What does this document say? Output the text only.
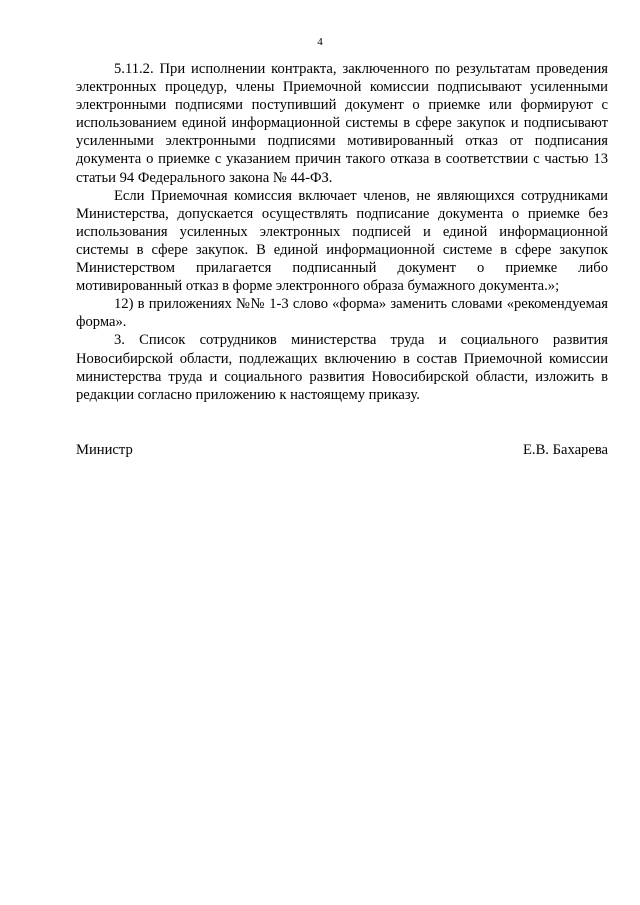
4

5.11.2. При исполнении контракта, заключенного по результатам проведения электронных процедур, члены Приемочной комиссии подписывают усиленными электронными подписями поступивший документ о приемке или формируют с использованием единой информационной системы в сфере закупок и подписывают усиленными электронными подписями мотивированный отказ от подписания документа о приемке с указанием причин такого отказа в соответствии с частью 13 статьи 94 Федерального закона № 44-ФЗ.

Если Приемочная комиссия включает членов, не являющихся сотрудниками Министерства, допускается осуществлять подписание документа о приемке без использования усиленных электронных подписей и единой информационной системы в сфере закупок. В единой информационной системе в сфере закупок Министерством прилагается подписанный документ о приемке либо мотивированный отказ в форме электронного образа бумажного документа.»;

12) в приложениях №№ 1-3 слово «форма» заменить словами «рекомендуемая форма».

3. Список сотрудников министерства труда и социального развития Новосибирской области, подлежащих включению в состав Приемочной комиссии министерства труда и социального развития Новосибирской области, изложить в редакции согласно приложению к настоящему приказу.

Министр	Е.В. Бахарева
